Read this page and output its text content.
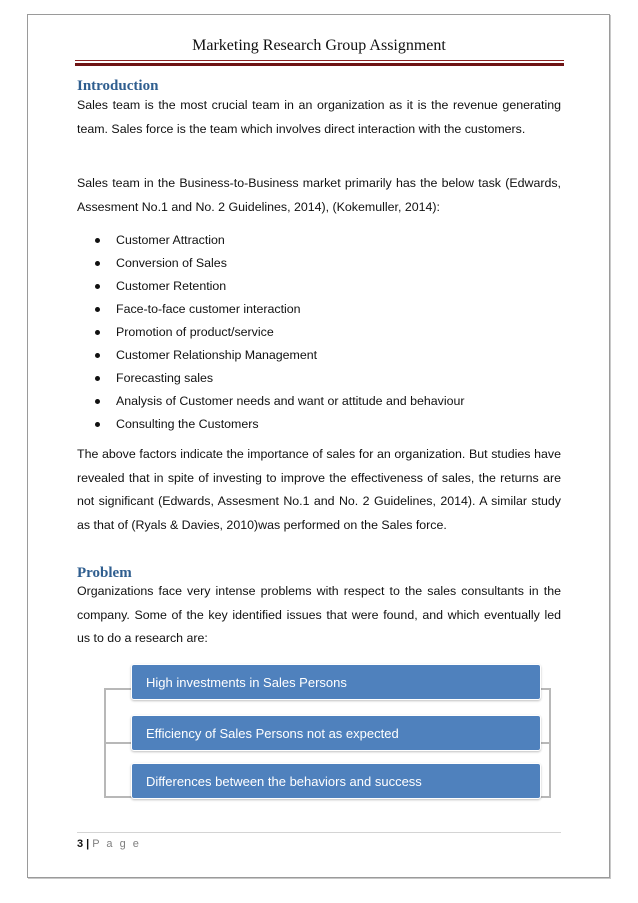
Marketing Research Group Assignment
Introduction

Sales team is the most crucial team in an organization as it is the revenue generating team. Sales force is the team which involves direct interaction with the customers.

Sales team in the Business-to-Business market primarily has the below task (Edwards, Assesment No.1 and No. 2 Guidelines, 2014), (Kokemuller, 2014):

Customer Attraction
Conversion of Sales
Customer Retention
Face-to-face customer interaction
Promotion of product/service
Customer Relationship Management
Forecasting sales
Analysis of Customer needs and want or attitude and behaviour
Consulting the Customers

The above factors indicate the importance of sales for an organization. But studies have revealed that in spite of investing to improve the effectiveness of sales, the returns are not significant (Edwards, Assesment No.1 and No. 2 Guidelines, 2014). A similar study as that of (Ryals & Davies, 2010)was performed on the Sales force.

Problem

Organizations face very intense problems with respect to the sales consultants in the company. Some of the key identified issues that were found, and which eventually led us to do a research are:

High investments in Sales Persons
Efficiency of Sales Persons not as expected
Differences between the behaviors and success
3 | P a g e
